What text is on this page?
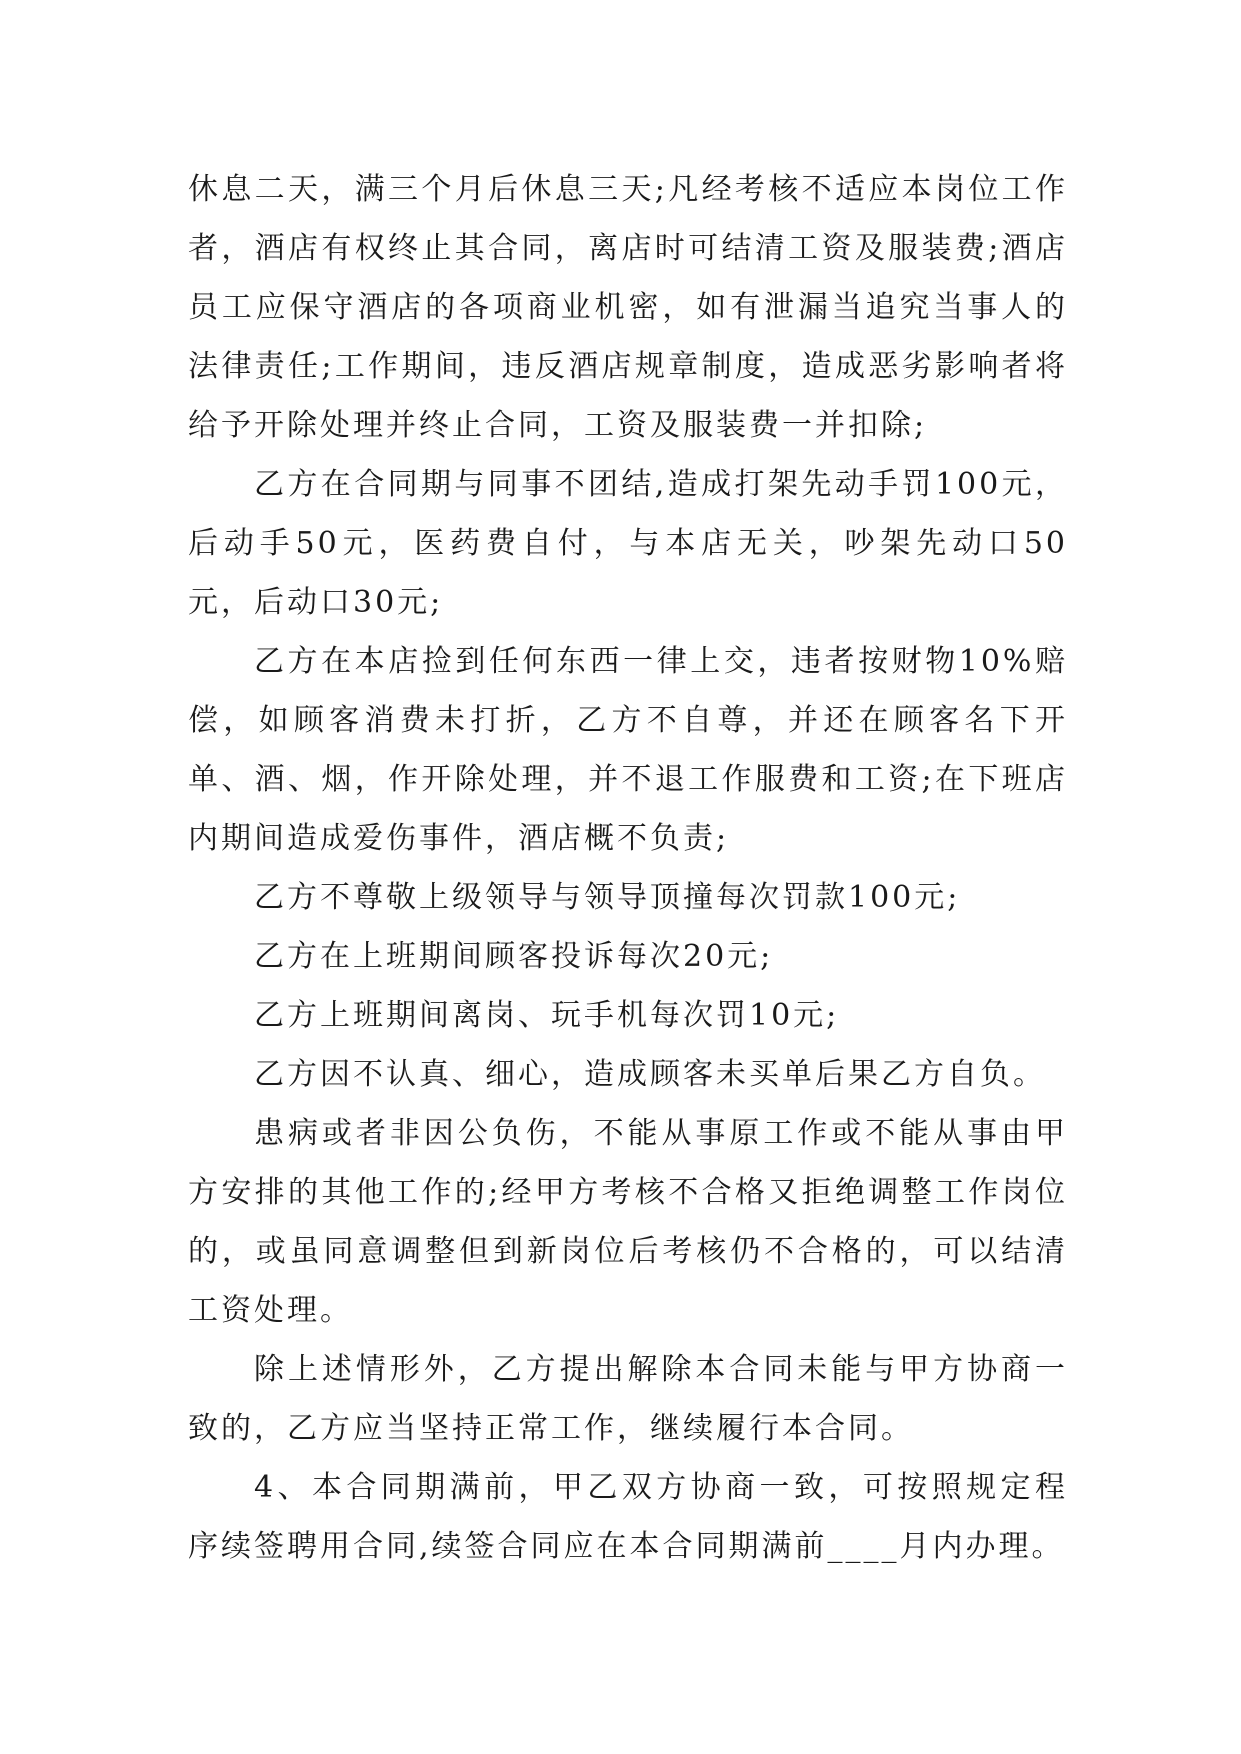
休息二天，满三个月后休息三天;凡经考核不适应本岗位工作者，酒店有权终止其合同，离店时可结清工资及服装费;酒店员工应保守酒店的各项商业机密，如有泄漏当追究当事人的法律责任;工作期间，违反酒店规章制度，造成恶劣影响者将给予开除处理并终止合同，工资及服装费一并扣除;

乙方在合同期与同事不团结,造成打架先动手罚100元，后动手50元，医药费自付，与本店无关，吵架先动口50元，后动口30元;

乙方在本店捡到任何东西一律上交，违者按财物10%赔偿，如顾客消费未打折，乙方不自尊，并还在顾客名下开单、酒、烟，作开除处理，并不退工作服费和工资;在下班店内期间造成爱伤事件，酒店概不负责;

乙方不尊敬上级领导与领导顶撞每次罚款100元;

乙方在上班期间顾客投诉每次20元;

乙方上班期间离岗、玩手机每次罚10元;

乙方因不认真、细心，造成顾客未买单后果乙方自负。

患病或者非因公负伤，不能从事原工作或不能从事由甲方安排的其他工作的;经甲方考核不合格又拒绝调整工作岗位的，或虽同意调整但到新岗位后考核仍不合格的，可以结清工资处理。

除上述情形外，乙方提出解除本合同未能与甲方协商一致的，乙方应当坚持正常工作，继续履行本合同。

4、本合同期满前，甲乙双方协商一致，可按照规定程序续签聘用合同,续签合同应在本合同期满前____月内办理。
